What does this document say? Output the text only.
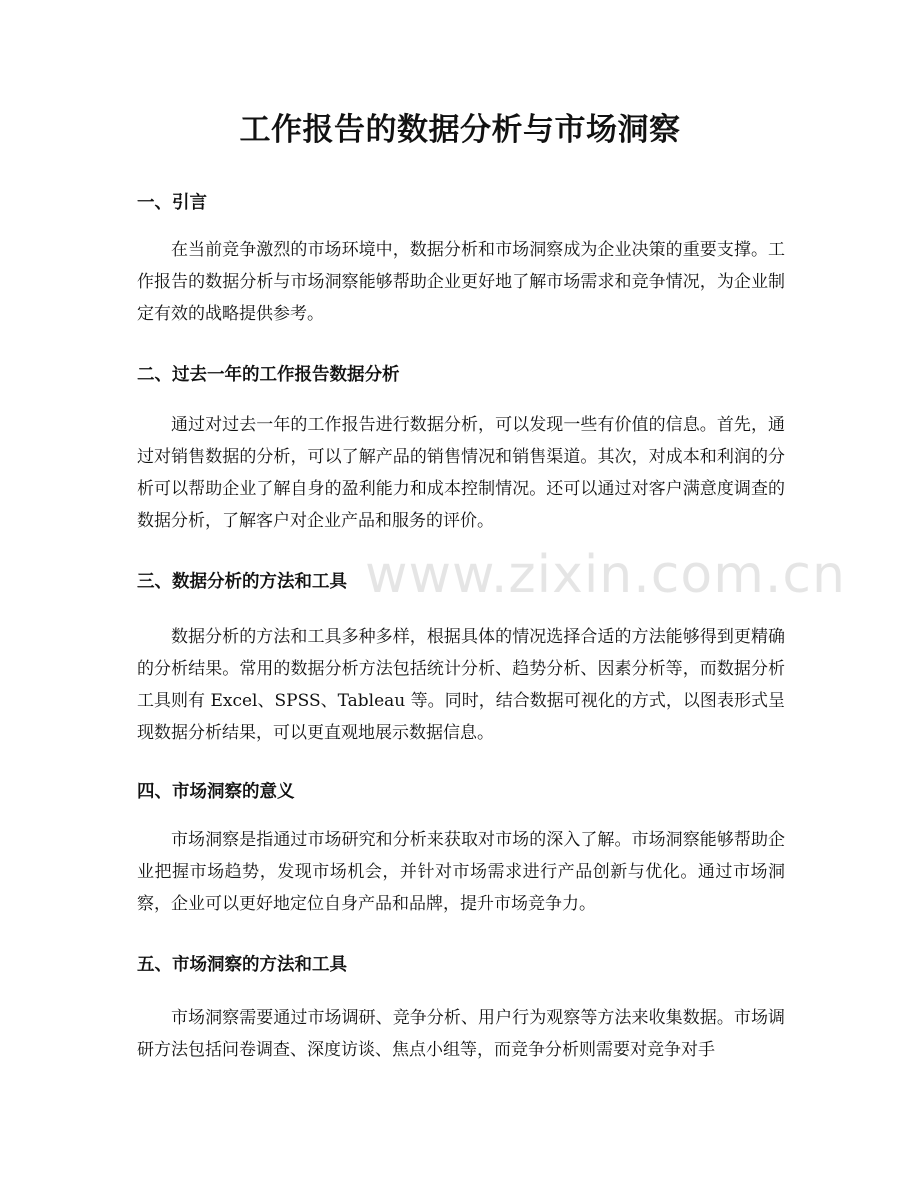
工作报告的数据分析与市场洞察
一、引言
在当前竞争激烈的市场环境中，数据分析和市场洞察成为企业决策的重要支撑。工作报告的数据分析与市场洞察能够帮助企业更好地了解市场需求和竞争情况，为企业制定有效的战略提供参考。
二、过去一年的工作报告数据分析
通过对过去一年的工作报告进行数据分析，可以发现一些有价值的信息。首先，通过对销售数据的分析，可以了解产品的销售情况和销售渠道。其次，对成本和利润的分析可以帮助企业了解自身的盈利能力和成本控制情况。还可以通过对客户满意度调查的数据分析，了解客户对企业产品和服务的评价。
三、数据分析的方法和工具
数据分析的方法和工具多种多样，根据具体的情况选择合适的方法能够得到更精确的分析结果。常用的数据分析方法包括统计分析、趋势分析、因素分析等，而数据分析工具则有 Excel、SPSS、Tableau 等。同时，结合数据可视化的方式，以图表形式呈现数据分析结果，可以更直观地展示数据信息。
四、市场洞察的意义
市场洞察是指通过市场研究和分析来获取对市场的深入了解。市场洞察能够帮助企业把握市场趋势，发现市场机会，并针对市场需求进行产品创新与优化。通过市场洞察，企业可以更好地定位自身产品和品牌，提升市场竞争力。
五、市场洞察的方法和工具
市场洞察需要通过市场调研、竞争分析、用户行为观察等方法来收集数据。市场调研方法包括问卷调查、深度访谈、焦点小组等，而竞争分析则需要对竞争对手
www.zixin.com.cn
